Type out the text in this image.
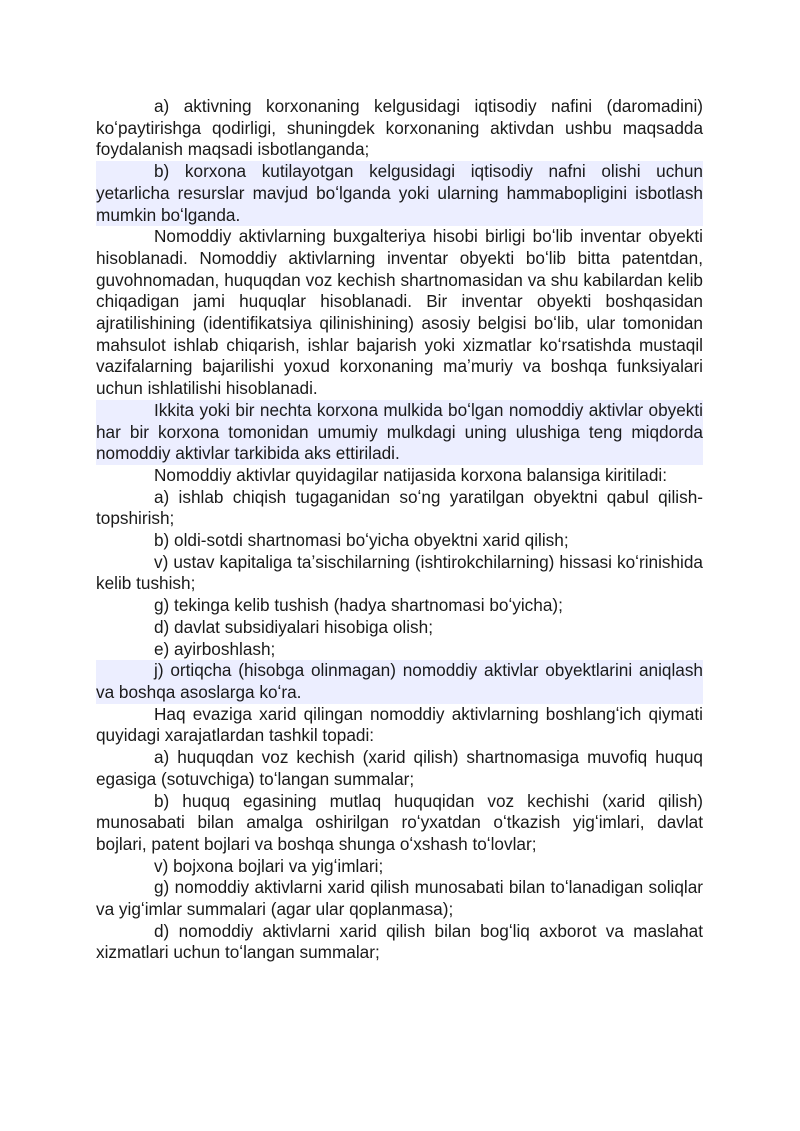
a) aktivning korxonaning kelgusidagi iqtisodiy nafini (daromadini) koʻpaytirishga qodirligi, shuningdek korxonaning aktivdan ushbu maqsadda foydalanish maqsadi isbotlanganda;

b) korxona kutilayotgan kelgusidagi iqtisodiy nafni olishi uchun yetarlicha resurslar mavjud boʻlganda yoki ularning hammabopligini isbotlash mumkin boʻlganda.

Nomoddiy aktivlarning buxgalteriya hisobi birligi boʻlib inventar obyekti hisoblanadi. Nomoddiy aktivlarning inventar obyekti boʻlib bitta patentdan, guvohnomadan, huquqdan voz kechish shartnomasidan va shu kabilardan kelib chiqadigan jami huquqlar hisoblanadi. Bir inventar obyekti boshqasidan ajratilishining (identifikatsiya qilinishining) asosiy belgisi boʻlib, ular tomonidan mahsulot ishlab chiqarish, ishlar bajarish yoki xizmatlar koʻrsatishda mustaqil vazifalarning bajarilishi yoxud korxonaning maʼmuriy va boshqa funksiyalari uchun ishlatilishi hisoblanadi.

Ikkita yoki bir nechta korxona mulkida boʻlgan nomoddiy aktivlar obyekti har bir korxona tomonidan umumiy mulkdagi uning ulushiga teng miqdorda nomoddiy aktivlar tarkibida aks ettiriladi.

Nomoddiy aktivlar quyidagilar natijasida korxona balansiga kiritiladi:

a) ishlab chiqish tugaganidan soʻng yaratilgan obyektni qabul qilish-topshirish;

b) oldi-sotdi shartnomasi boʻyicha obyektni xarid qilish;

v) ustav kapitaliga taʼsischilarning (ishtirokchilarning) hissasi koʻrinishida kelib tushish;

g) tekinga kelib tushish (hadya shartnomasi boʻyicha);

d) davlat subsidiyalari hisobiga olish;

e) ayirboshlash;

j) ortiqcha (hisobga olinmagan) nomoddiy aktivlar obyektlarini aniqlash va boshqa asoslarga koʻra.

Haq evaziga xarid qilingan nomoddiy aktivlarning boshlangʻich qiymati quyidagi xarajatlardan tashkil topadi:

a) huquqdan voz kechish (xarid qilish) shartnomasiga muvofiq huquq egasiga (sotuvchiga) toʻlangan summalar;

b) huquq egasining mutlaq huquqidan voz kechishi (xarid qilish) munosabati bilan amalga oshirilgan roʻyxatdan oʻtkazish yigʻimlari, davlat bojlari, patent bojlari va boshqa shunga oʻxshash toʻlovlar;

v) bojxona bojlari va yigʻimlari;

g) nomoddiy aktivlarni xarid qilish munosabati bilan toʻlanadigan soliqlar va yigʻimlar summalari (agar ular qoplanmasa);

d) nomoddiy aktivlarni xarid qilish bilan bogʻliq axborot va maslahat xizmatlari uchun toʻlangan summalar;
